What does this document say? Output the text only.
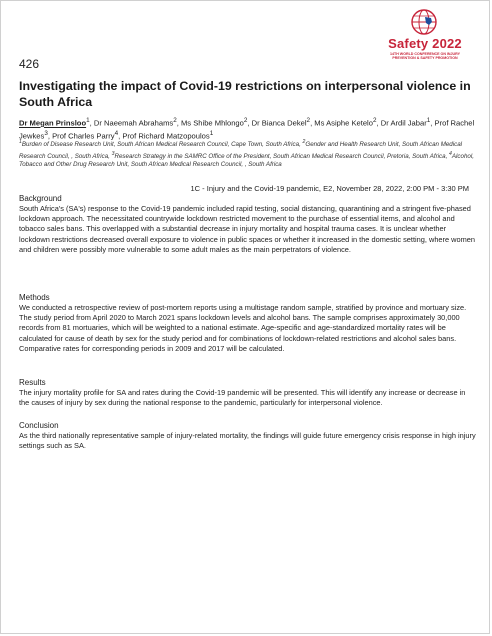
Safety 2022
14TH WORLD CONFERENCE ON INJURY PREVENTION & SAFETY PROMOTION
426
Investigating the impact of Covid-19 restrictions on interpersonal violence in South Africa
Dr Megan Prinsloo$^1$, Dr Naeemah Abrahams$^2$, Ms Shibe Mhlongo$^2$, Dr Bianca Dekel$^2$, Ms Asiphe Ketelo$^2$, Dr Ardil Jabar$^1$, Prof Rachel Jewkes$^3$, Prof Charles Parry$^4$, Prof Richard Matzopoulos$^1$
$^1$Burden of Disease Research Unit, South African Medical Research Council, Cape Town, South Africa, $^2$Gender and Health Research Unit, South African Medical Research Council, , South Africa, $^3$Research Strategy in the SAMRC Office of the President, South African Medical Research Council, Pretoria, South Africa, $^4$Alcohol, Tobacco and Other Drug Research Unit, South African Medical Research Council, , South Africa
1C - Injury and the Covid-19 pandemic, E2, November 28, 2022, 2:00 PM - 3:30 PM
Background
South Africa's (SA's) response to the Covid-19 pandemic included rapid testing, social distancing, quarantining and a stringent five-phased lockdown approach. The necessitated countrywide lockdown restricted movement to the purchase of essential items, and alcohol and tobacco sales bans. This overlapped with a substantial decrease in injury mortality and hospital trauma cases. It is unclear whether lockdown restrictions decreased overall exposure to violence in public spaces or whether it increased in the domestic setting, where women and children were possibly more vulnerable to some adult males as the main perpetrators of violence.
Methods
We conducted a retrospective review of post-mortem reports using a multistage random sample, stratified by province and mortuary size. The study period from April 2020 to March 2021 spans lockdown levels and alcohol bans. The sample comprises approximately 30,000 records from 81 mortuaries, which will be weighted to a national estimate. Age-specific and age-standardized mortality rates will be calculated for cause of death by sex for the study period and for combinations of lockdown-related restrictions and alcohol sales bans. Comparative rates for corresponding periods in 2009 and 2017 will be calculated.
Results
The injury mortality profile for SA and rates during the Covid-19 pandemic will be presented. This will identify any increase or decrease in the causes of injury by sex during the national response to the pandemic, particularly for interpersonal violence.
Conclusion
As the third nationally representative sample of injury-related mortality, the findings will guide future emergency crisis response in high injury settings such as SA.
